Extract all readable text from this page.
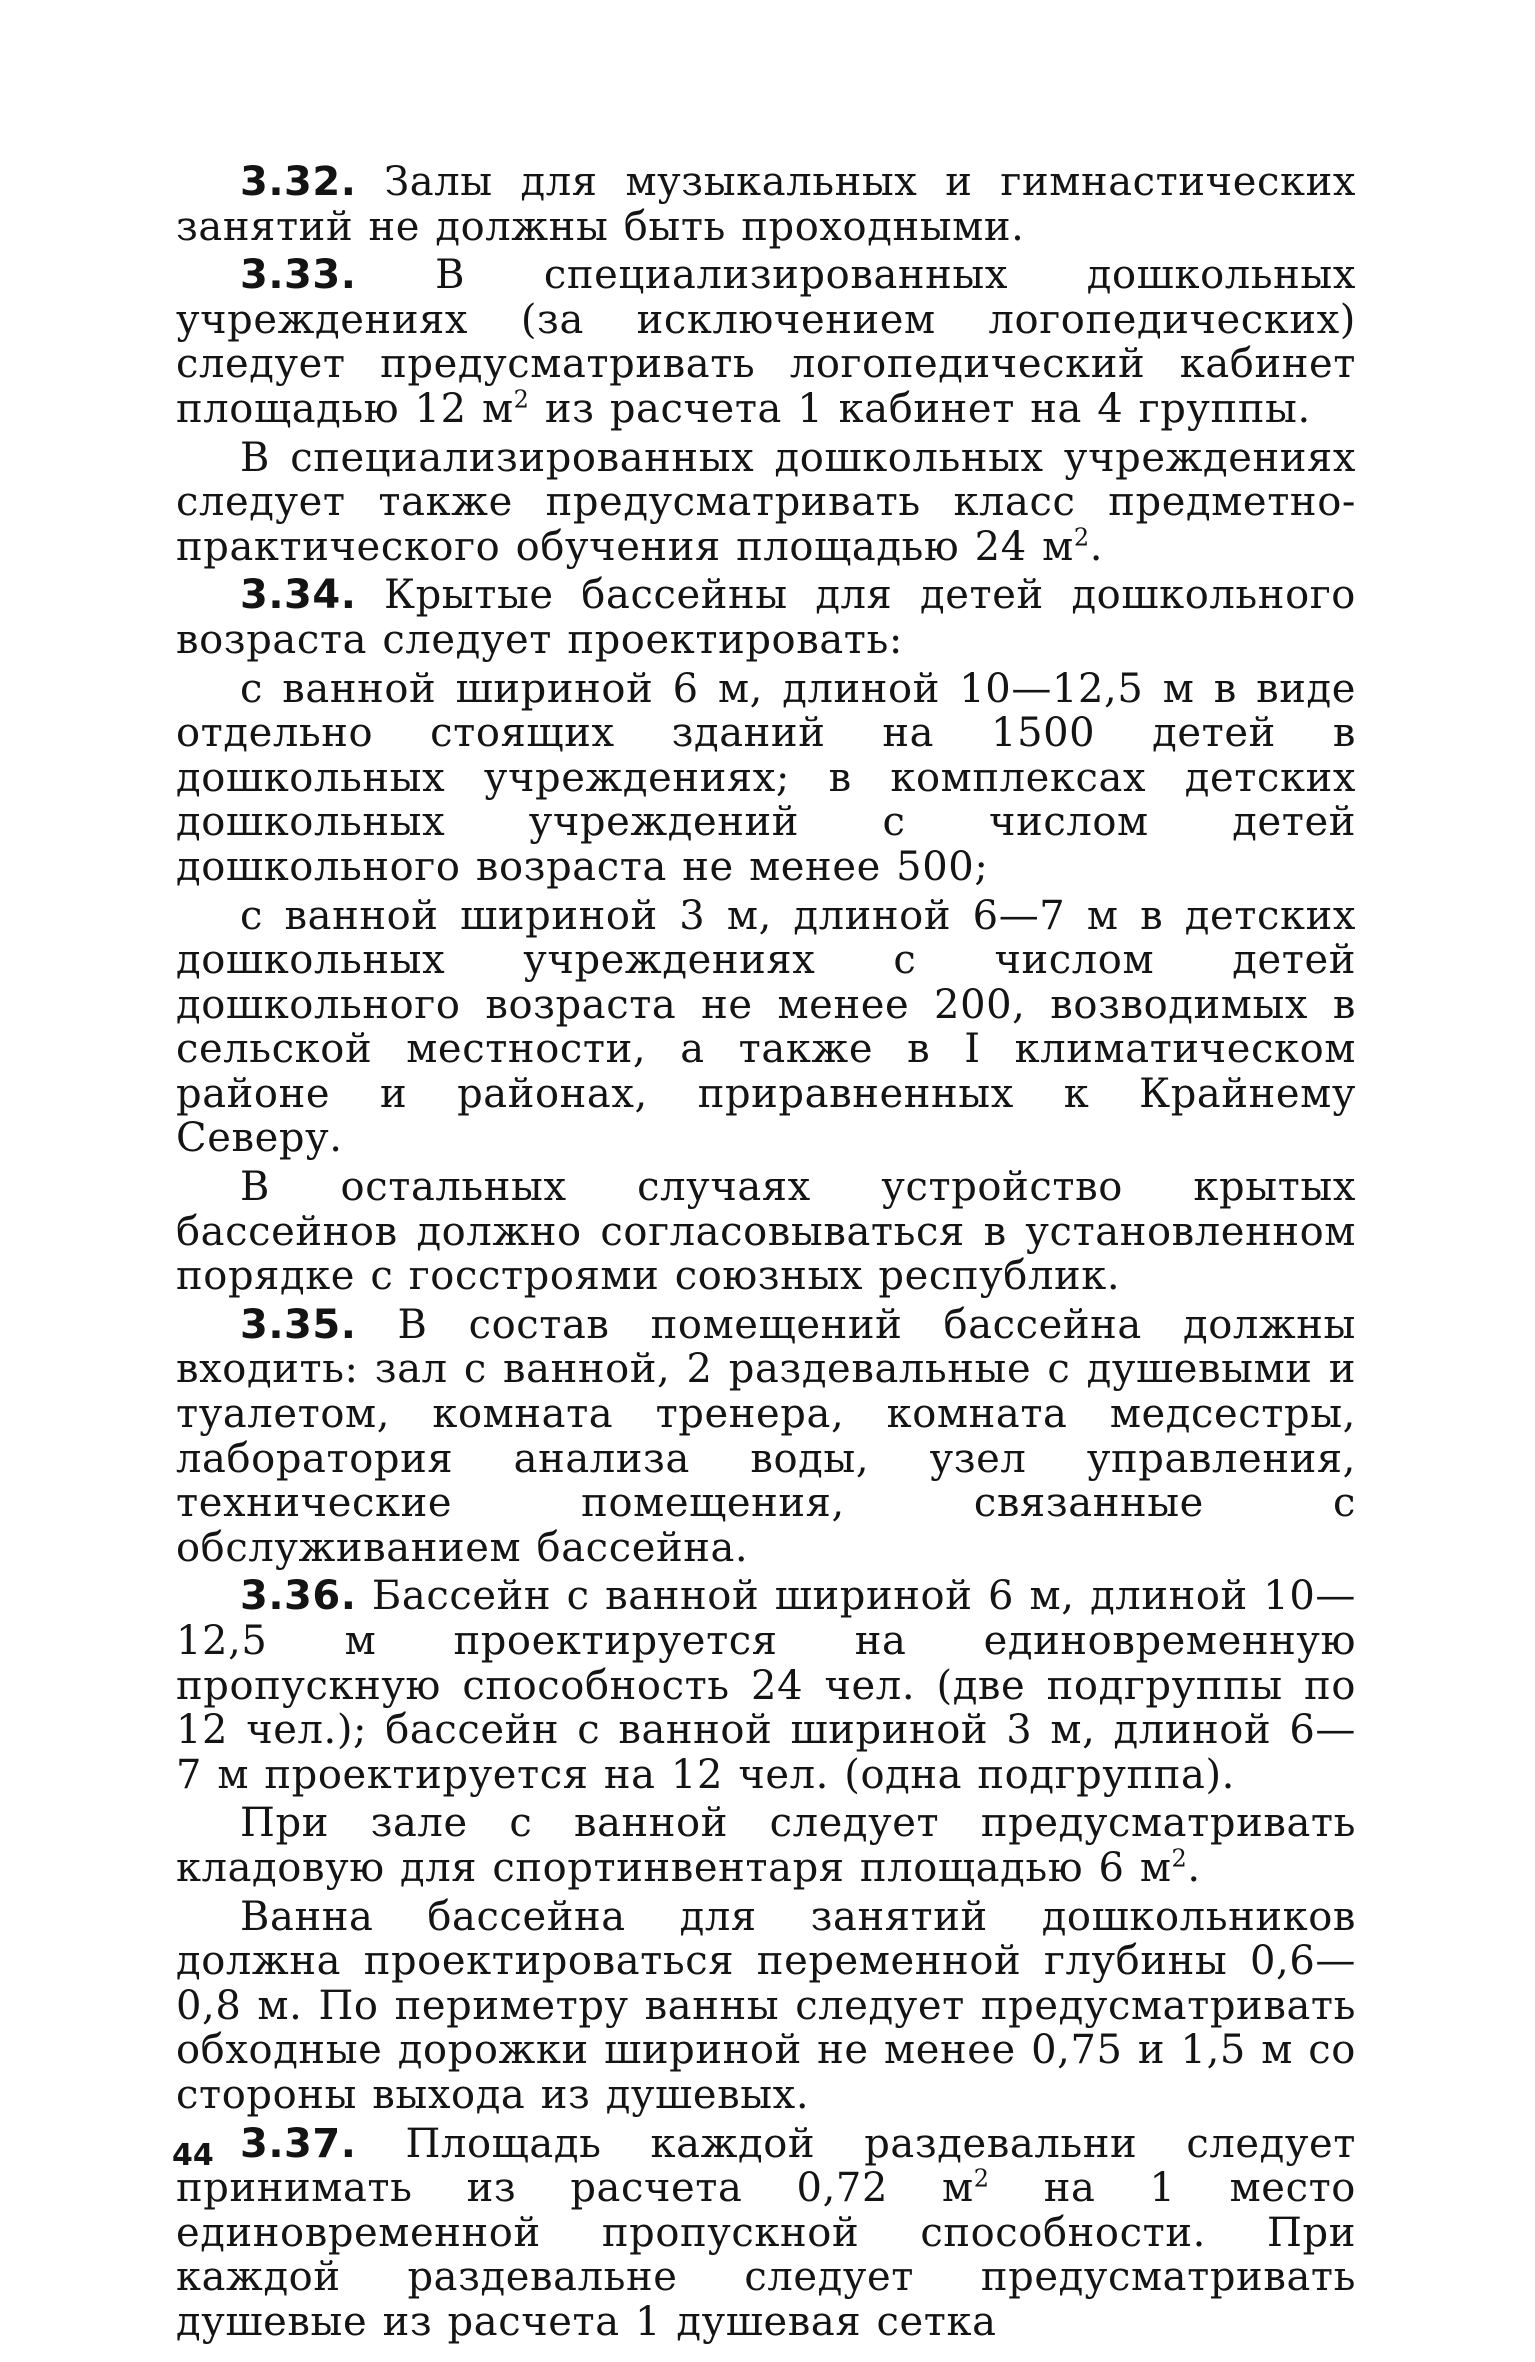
3.32. Залы для музыкальных и гимнастических занятий не должны быть проходными.

3.33. В специализированных дошкольных учреждениях (за исключением логопедических) следует предусматривать логопедический кабинет площадью 12 $м^2$ из расчета 1 кабинет на 4 группы.

В специализированных дошкольных учреждениях следует также предусматривать класс предметно-практического обучения площадью 24 $м^2$.

3.34. Крытые бассейны для детей дошкольного возраста следует проектировать:

с ванной шириной 6 м, длиной 10—12,5 м в виде отдельно стоящих зданий на 1500 детей в дошкольных учреждениях; в комплексах детских дошкольных учреждений с числом детей дошкольного возраста не менее 500;

с ванной шириной 3 м, длиной 6—7 м в детских дошкольных учреждениях с числом детей дошкольного возраста не менее 200, возводимых в сельской местности, а также в I климатическом районе и районах, приравненных к Крайнему Северу.

В остальных случаях устройство крытых бассейнов должно согласовываться в установленном порядке с госстроями союзных республик.

3.35. В состав помещений бассейна должны входить: зал с ванной, 2 раздевальные с душевыми и туалетом, комната тренера, комната медсестры, лаборатория анализа воды, узел управления, технические помещения, связанные с обслуживанием бассейна.

3.36. Бассейн с ванной шириной 6 м, длиной 10—12,5 м проектируется на единовременную пропускную способность 24 чел. (две подгруппы по 12 чел.); бассейн с ванной шириной 3 м, длиной 6—7 м проектируется на 12 чел. (одна подгруппа).

При зале с ванной следует предусматривать кладовую для спортинвентаря площадью 6 $м^2$.

Ванна бассейна для занятий дошкольников должна проектироваться переменной глубины 0,6—0,8 м. По периметру ванны следует предусматривать обходные дорожки шириной не менее 0,75 и 1,5 м со стороны выхода из душевых.

3.37. Площадь каждой раздевальни следует принимать из расчета 0,72 $м^2$ на 1 место единовременной пропускной способности. При каждой раздевальне следует предусматривать душевые из расчета 1 душевая сетка

44
